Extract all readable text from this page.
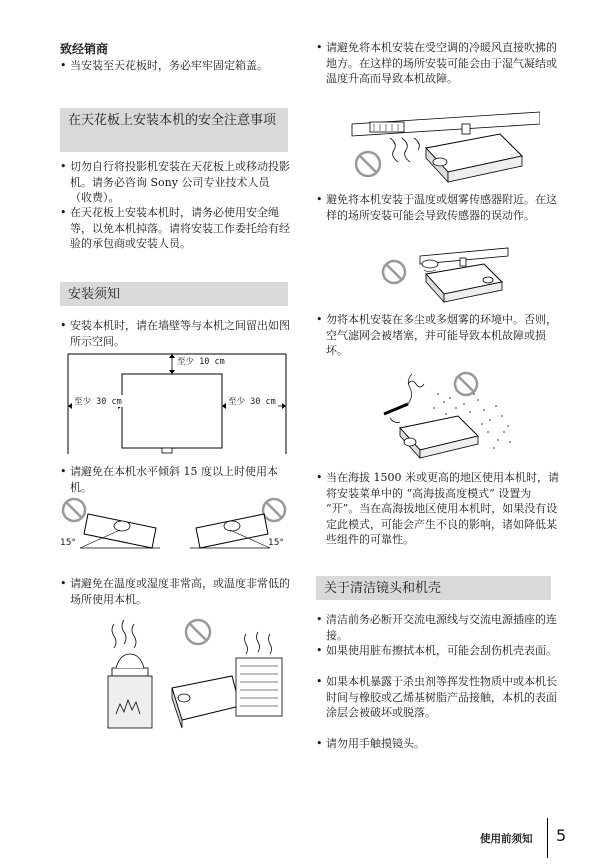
致经销商
• 当安装至天花板时，务必牢牢固定箱盖。
在天花板上安装本机的安全注意事项
• 切勿自行将投影机安装在天花板上或移动投影机。请务必咨询 Sony 公司专业技术人员 （收费）。
• 在天花板上安装本机时，请务必使用安全绳等，以免本机掉落。请将安装工作委托给有经验的承包商或安装人员。
安装须知
• 安装本机时，请在墙壁等与本机之间留出如图所示空间。
至少 10 cm
至少 30 cm	至少 30 cm
• 请避免在本机水平倾斜 15 度以上时使用本机。
15°	15°
• 请避免在温度或湿度非常高，或温度非常低的场所使用本机。
• 请避免将本机安装在受空调的冷暖风直接吹拂的地方。在这样的场所安装可能会由于湿气凝结或温度升高而导致本机故障。
• 避免将本机安装于温度或烟雾传感器附近。在这样的场所安装可能会导致传感器的误动作。
• 勿将本机安装在多尘或多烟雾的环境中。否则，空气滤网会被堵塞，并可能导致本机故障或损坏。
• 当在海拔 1500 米或更高的地区使用本机时，请将安装菜单中的 “高海拔高度模式” 设置为 “开”。当在高海拔地区使用本机时，如果没有设定此模式，可能会产生不良的影响，诸如降低某些组件的可靠性。
关于清洁镜头和机壳
• 清洁前务必断开交流电源线与交流电源插座的连接。
• 如果使用脏布擦拭本机，可能会刮伤机壳表面。
• 如果本机暴露于杀虫剂等挥发性物质中或本机长时间与橡胶或乙烯基树脂产品接触，本机的表面涂层会被破坏或脱落。
• 请勿用手触摸镜头。
使用前须知 5
